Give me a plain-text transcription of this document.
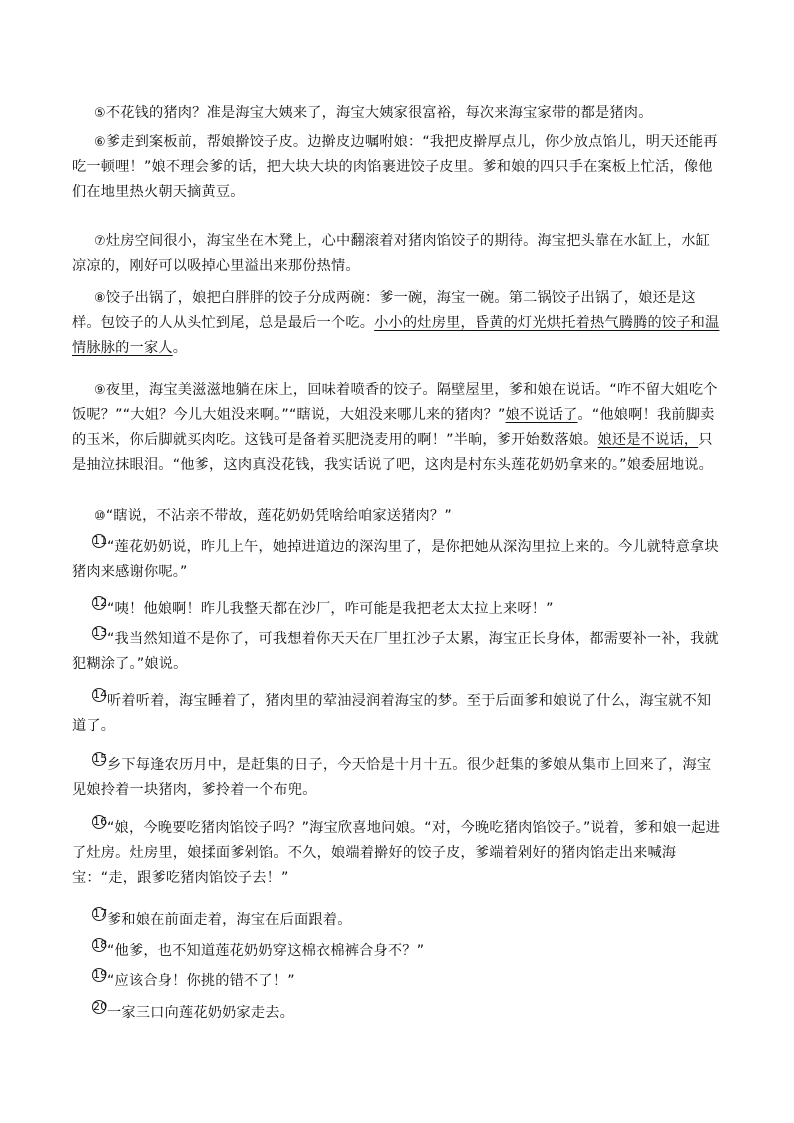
⑤不花钱的猪肉？准是海宝大姨来了，海宝大姨家很富裕，每次来海宝家带的都是猪肉。

⑥爹走到案板前，帮娘擀饺子皮。边擀皮边嘱咐娘：“我把皮擀厚点儿，你少放点馅儿，明天还能再吃一顿哩！”娘不理会爹的话，把大块大块的肉馅裹进饺子皮里。爹和娘的四只手在案板上忙活，像他们在地里热火朝天摘黄豆。

⑦灶房空间很小，海宝坐在木凳上，心中翻滚着对猪肉馅饺子的期待。海宝把头靠在水缸上，水缸凉凉的，刚好可以吸掉心里溢出来那份热情。

⑧饺子出锅了，娘把白胖胖的饺子分成两碗：爹一碗，海宝一碗。第二锅饺子出锅了，娘还是这样。包饺子的人从头忙到尾，总是最后一个吃。小小的灶房里，昏黄的灯光烘托着热气腾腾的饺子和温情脉脉的一家人。

⑨夜里，海宝美滋滋地躺在床上，回味着喷香的饺子。隔壁屋里，爹和娘在说话。“咋不留大姐吃个饭呢？”“大姐？今儿大姐没来啊。”“瞎说，大姐没来哪儿来的猪肉？”娘不说话了。“他娘啊！我前脚卖的玉米，你后脚就买肉吃。这钱可是备着买肥浇麦用的啊！”半晌，爹开始数落娘。娘还是不说话，只是抽泣抹眼泪。“他爹，这肉真没花钱，我实话说了吧，这肉是村东头莲花奶奶拿来的。”娘委屈地说。

⑩“瞎说，不沾亲不带故，莲花奶奶凭啥给咱家送猪肉？”

11“莲花奶奶说，昨儿上午，她掉进道边的深沟里了，是你把她从深沟里拉上来的。今儿就特意拿块猪肉来感谢你呢。”

12“咦！他娘啊！昨儿我整天都在沙厂，咋可能是我把老太太拉上来呀！”

13“我当然知道不是你了，可我想着你天天在厂里扛沙子太累，海宝正长身体，都需要补一补，我就犯糊涂了。”娘说。

14听着听着，海宝睡着了，猪肉里的荤油浸润着海宝的梦。至于后面爹和娘说了什么，海宝就不知道了。

15乡下每逢农历月中，是赶集的日子，今天恰是十月十五。很少赶集的爹娘从集市上回来了，海宝见娘拎着一块猪肉，爹拎着一个布兜。

16“娘，今晚要吃猪肉馅饺子吗？”海宝欣喜地问娘。“对，今晚吃猪肉馅饺子。”说着，爹和娘一起进了灶房。灶房里，娘揉面爹剁馅。不久，娘端着擀好的饺子皮，爹端着剁好的猪肉馅走出来喊海宝：“走，跟爹吃猪肉馅饺子去！”

17爹和娘在前面走着，海宝在后面跟着。

18“他爹，也不知道莲花奶奶穿这棉衣棉裤合身不？”

19“应该合身！你挑的错不了！”

20一家三口向莲花奶奶家走去。
